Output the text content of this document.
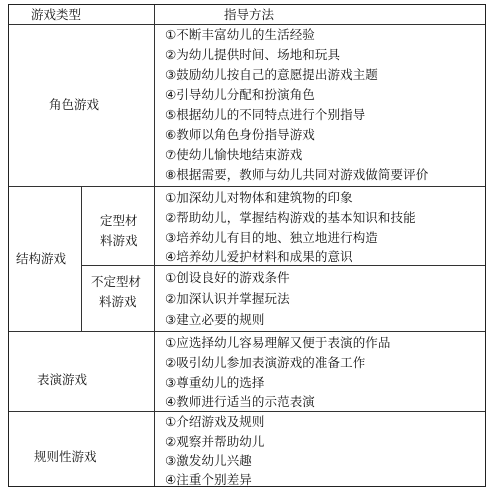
游戏类型	指导方法
角色游戏
①不断丰富幼儿的生活经验
②为幼儿提供时间、场地和玩具
③鼓励幼儿按自己的意愿提出游戏主题
④引导幼儿分配和扮演角色
⑤根据幼儿的不同特点进行个别指导
⑥教师以角色身份指导游戏
⑦使幼儿愉快地结束游戏
⑧根据需要，教师与幼儿共同对游戏做简要评价
结构游戏
定型材
料游戏
①加深幼儿对物体和建筑物的印象
②帮助幼儿，掌握结构游戏的基本知识和技能
③培养幼儿有目的地、独立地进行构造
④培养幼儿爱护材料和成果的意识
不定型材
料游戏
①创设良好的游戏条件
②加深认识并掌握玩法
③建立必要的规则
表演游戏
①应选择幼儿容易理解又便于表演的作品
②吸引幼儿参加表演游戏的准备工作
③尊重幼儿的选择
④教师进行适当的示范表演
规则性游戏
①介绍游戏及规则
②观察并帮助幼儿
③激发幼儿兴趣
④注重个别差异
